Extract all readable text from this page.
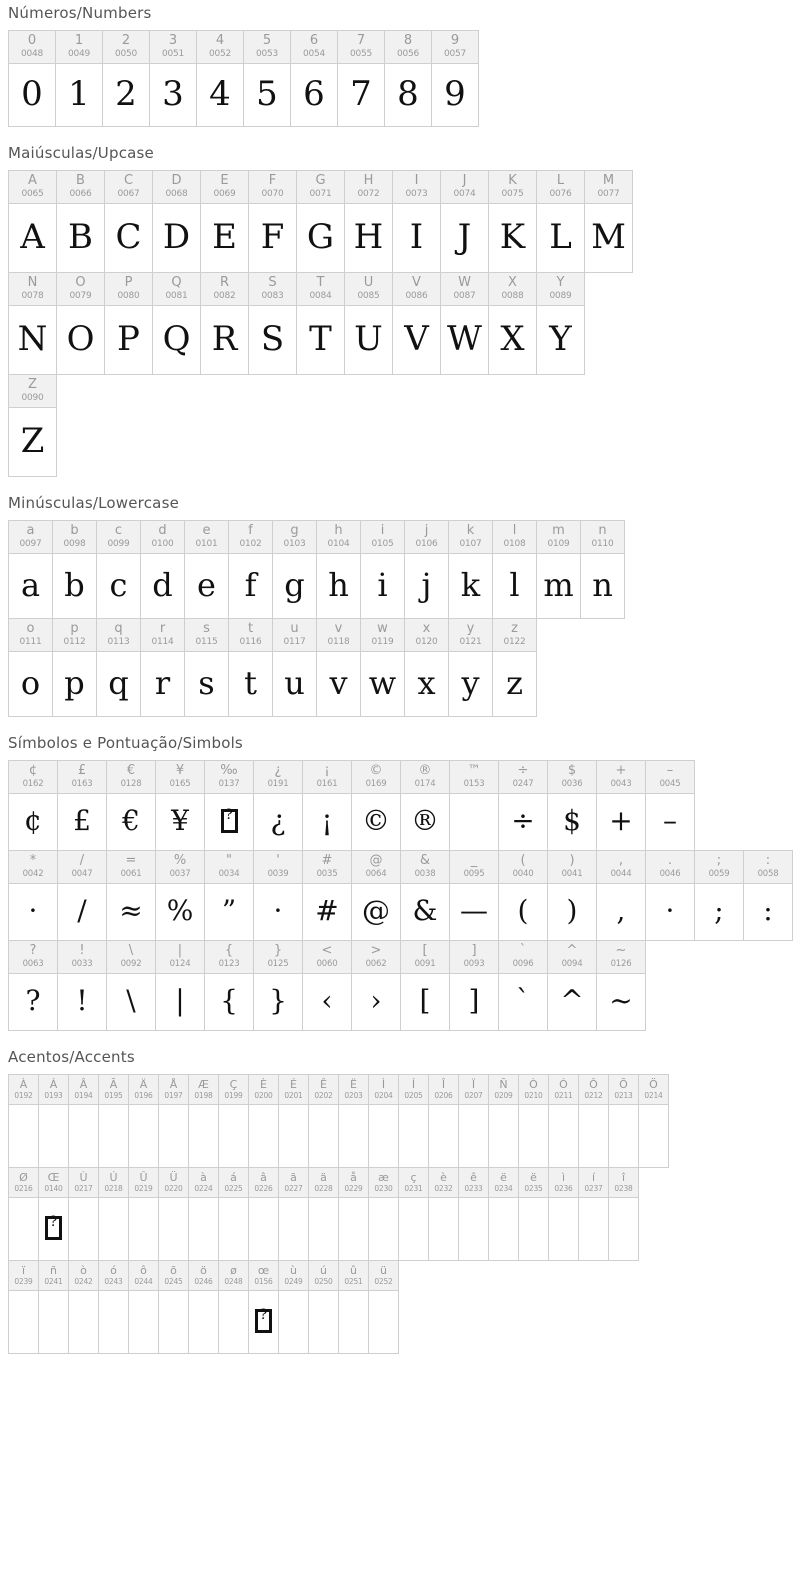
Números/Numbers
0
0048
0
1
0049
1
2
0050
2
3
0051
3
4
0052
4
5
0053
5
6
0054
6
7
0055
7
8
0056
8
9
0057
9
Maiúsculas/Upcase
A
0065
A
B
0066
B
C
0067
C
D
0068
D
E
0069
E
F
0070
F
G
0071
G
H
0072
H
I
0073
I
J
0074
J
K
0075
K
L
0076
L
M
0077
M
N
0078
N
O
0079
O
P
0080
P
Q
0081
Q
R
0082
R
S
0083
S
T
0084
T
U
0085
U
V
0086
V
W
0087
W
X
0088
X
Y
0089
Y
Z
0090
Z
Minúsculas/Lowercase
a
0097
a
b
0098
b
c
0099
c
d
0100
d
e
0101
e
f
0102
f
g
0103
g
h
0104
h
i
0105
i
j
0106
j
k
0107
k
l
0108
l
m
0109
m
n
0110
n
o
0111
o
p
0112
p
q
0113
q
r
0114
r
s
0115
s
t
0116
t
u
0117
u
v
0118
v
w
0119
w
x
0120
x
y
0121
y
z
0122
z
Símbolos e Pontuação/Simbols
¢
0162
¢
£
0163
£
€
0128
€
¥
0165
¥
‰
0137
?
¿
0191
¿
¡
0161
¡
©
0169
©
®
0174
®
™
0153
÷
0247
÷
$
0036
$
+
0043
+
–
0045
–
*
0042
·
/
0047
/
=
0061
≈
%
0037
%
"
0034
”
'
0039
·
#
0035
#
@
0064
@
&
0038
&
_
0095
—
(
0040
(
)
0041
)
,
0044
,
.
0046
·
;
0059
;
:
0058
:
?
0063
?
!
0033
!
\
0092
\
|
0124
|
{
0123
{
}
0125
}
<
0060
‹
>
0062
›
[
0091
[
]
0093
]
`
0096
`
^
0094
^
~
0126
~
Acentos/Accents
À
0192
Á
0193
Â
0194
Ã
0195
Ä
0196
Å
0197
Æ
0198
Ç
0199
È
0200
É
0201
Ê
0202
Ë
0203
Ì
0204
Í
0205
Î
0206
Ï
0207
Ñ
0209
Ò
0210
Ó
0211
Ô
0212
Õ
0213
Ö
0214
Ø
0216
Œ
0140
?
Ù
0217
Ú
0218
Û
0219
Ü
0220
à
0224
á
0225
â
0226
ã
0227
ä
0228
å
0229
æ
0230
ç
0231
è
0232
ê
0233
ë
0234
ë
0235
ì
0236
í
0237
î
0238
ï
0239
ñ
0241
ò
0242
ó
0243
ô
0244
õ
0245
ö
0246
ø
0248
œ
0156
?
ù
0249
ú
0250
û
0251
ü
0252
